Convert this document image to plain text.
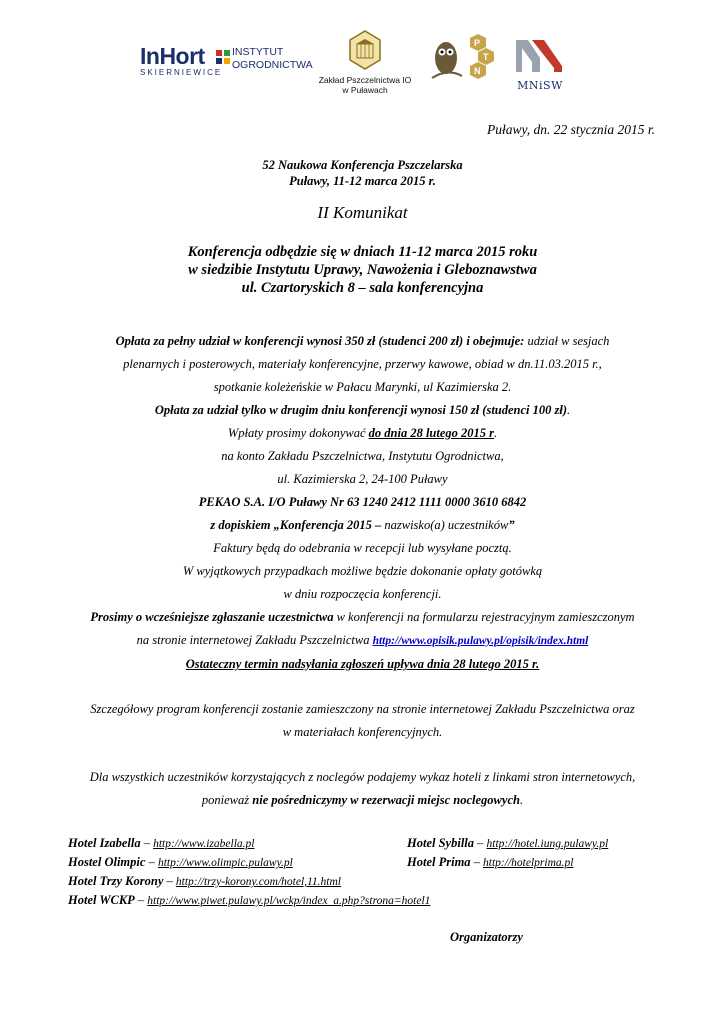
InHort
SKIERNIEWICE
INSTYTUT
OGRODNICTWA
Zakład Pszczelnictwa IO
w Puławach
P
T
N
MNiSW
Puławy, dn. 22 stycznia 2015 r.
52 Naukowa Konferencja Pszczelarska
Puławy, 11-12 marca 2015 r.
II Komunikat
Konferencja odbędzie się w dniach 11-12 marca 2015 roku
w siedzibie Instytutu Uprawy, Nawożenia i Gleboznawstwa
ul. Czartoryskich 8 – sala konferencyjna
Opłata za pełny udział w konferencji wynosi 350 zł (studenci 200 zł) i obejmuje: udział w sesjach
plenarnych i posterowych, materiały konferencyjne, przerwy kawowe, obiad w dn.11.03.2015 r.,
spotkanie koleżeńskie w Pałacu Marynki, ul Kazimierska 2.
Opłata za udział tylko w drugim dniu konferencji wynosi 150 zł (studenci 100 zł).
Wpłaty prosimy dokonywać do dnia 28 lutego 2015 r.
na konto Zakładu Pszczelnictwa, Instytutu Ogrodnictwa,
ul. Kazimierska 2, 24-100 Puławy
PEKAO S.A. I/O Puławy Nr 63 1240 2412 1111 0000 3610 6842
z dopiskiem „Konferencja 2015 – nazwisko(a) uczestników”
Faktury będą do odebrania w recepcji lub wysyłane pocztą.
W wyjątkowych przypadkach możliwe będzie dokonanie opłaty gotówką
w dniu rozpoczęcia konferencji.
Prosimy o wcześniejsze zgłaszanie uczestnictwa w konferencji na formularzu rejestracyjnym zamieszczonym
na stronie internetowej Zakładu Pszczelnictwa http://www.opisik.pulawy.pl/opisik/index.html
Ostateczny termin nadsyłania zgłoszeń upływa dnia 28 lutego 2015 r.
Szczegółowy program konferencji zostanie zamieszczony na stronie internetowej Zakładu Pszczelnictwa oraz
w materiałach konferencyjnych.
Dla wszystkich uczestników korzystających z noclegów podajemy wykaz hoteli z linkami stron internetowych,
ponieważ nie pośredniczymy w rezerwacji miejsc noclegowych.
Hotel Izabella – http://www.izabella.pl
Hostel Olimpic – http://www.olimpic.pulawy.pl
Hotel Trzy Korony – http://trzy-korony.com/hotel,11.html
Hotel WCKP – http://www.piwet.pulawy.pl/wckp/index_a.php?strona=hotel1
Hotel Sybilla – http://hotel.iung.pulawy.pl
Hotel Prima – http://hotelprima.pl
Organizatorzy
